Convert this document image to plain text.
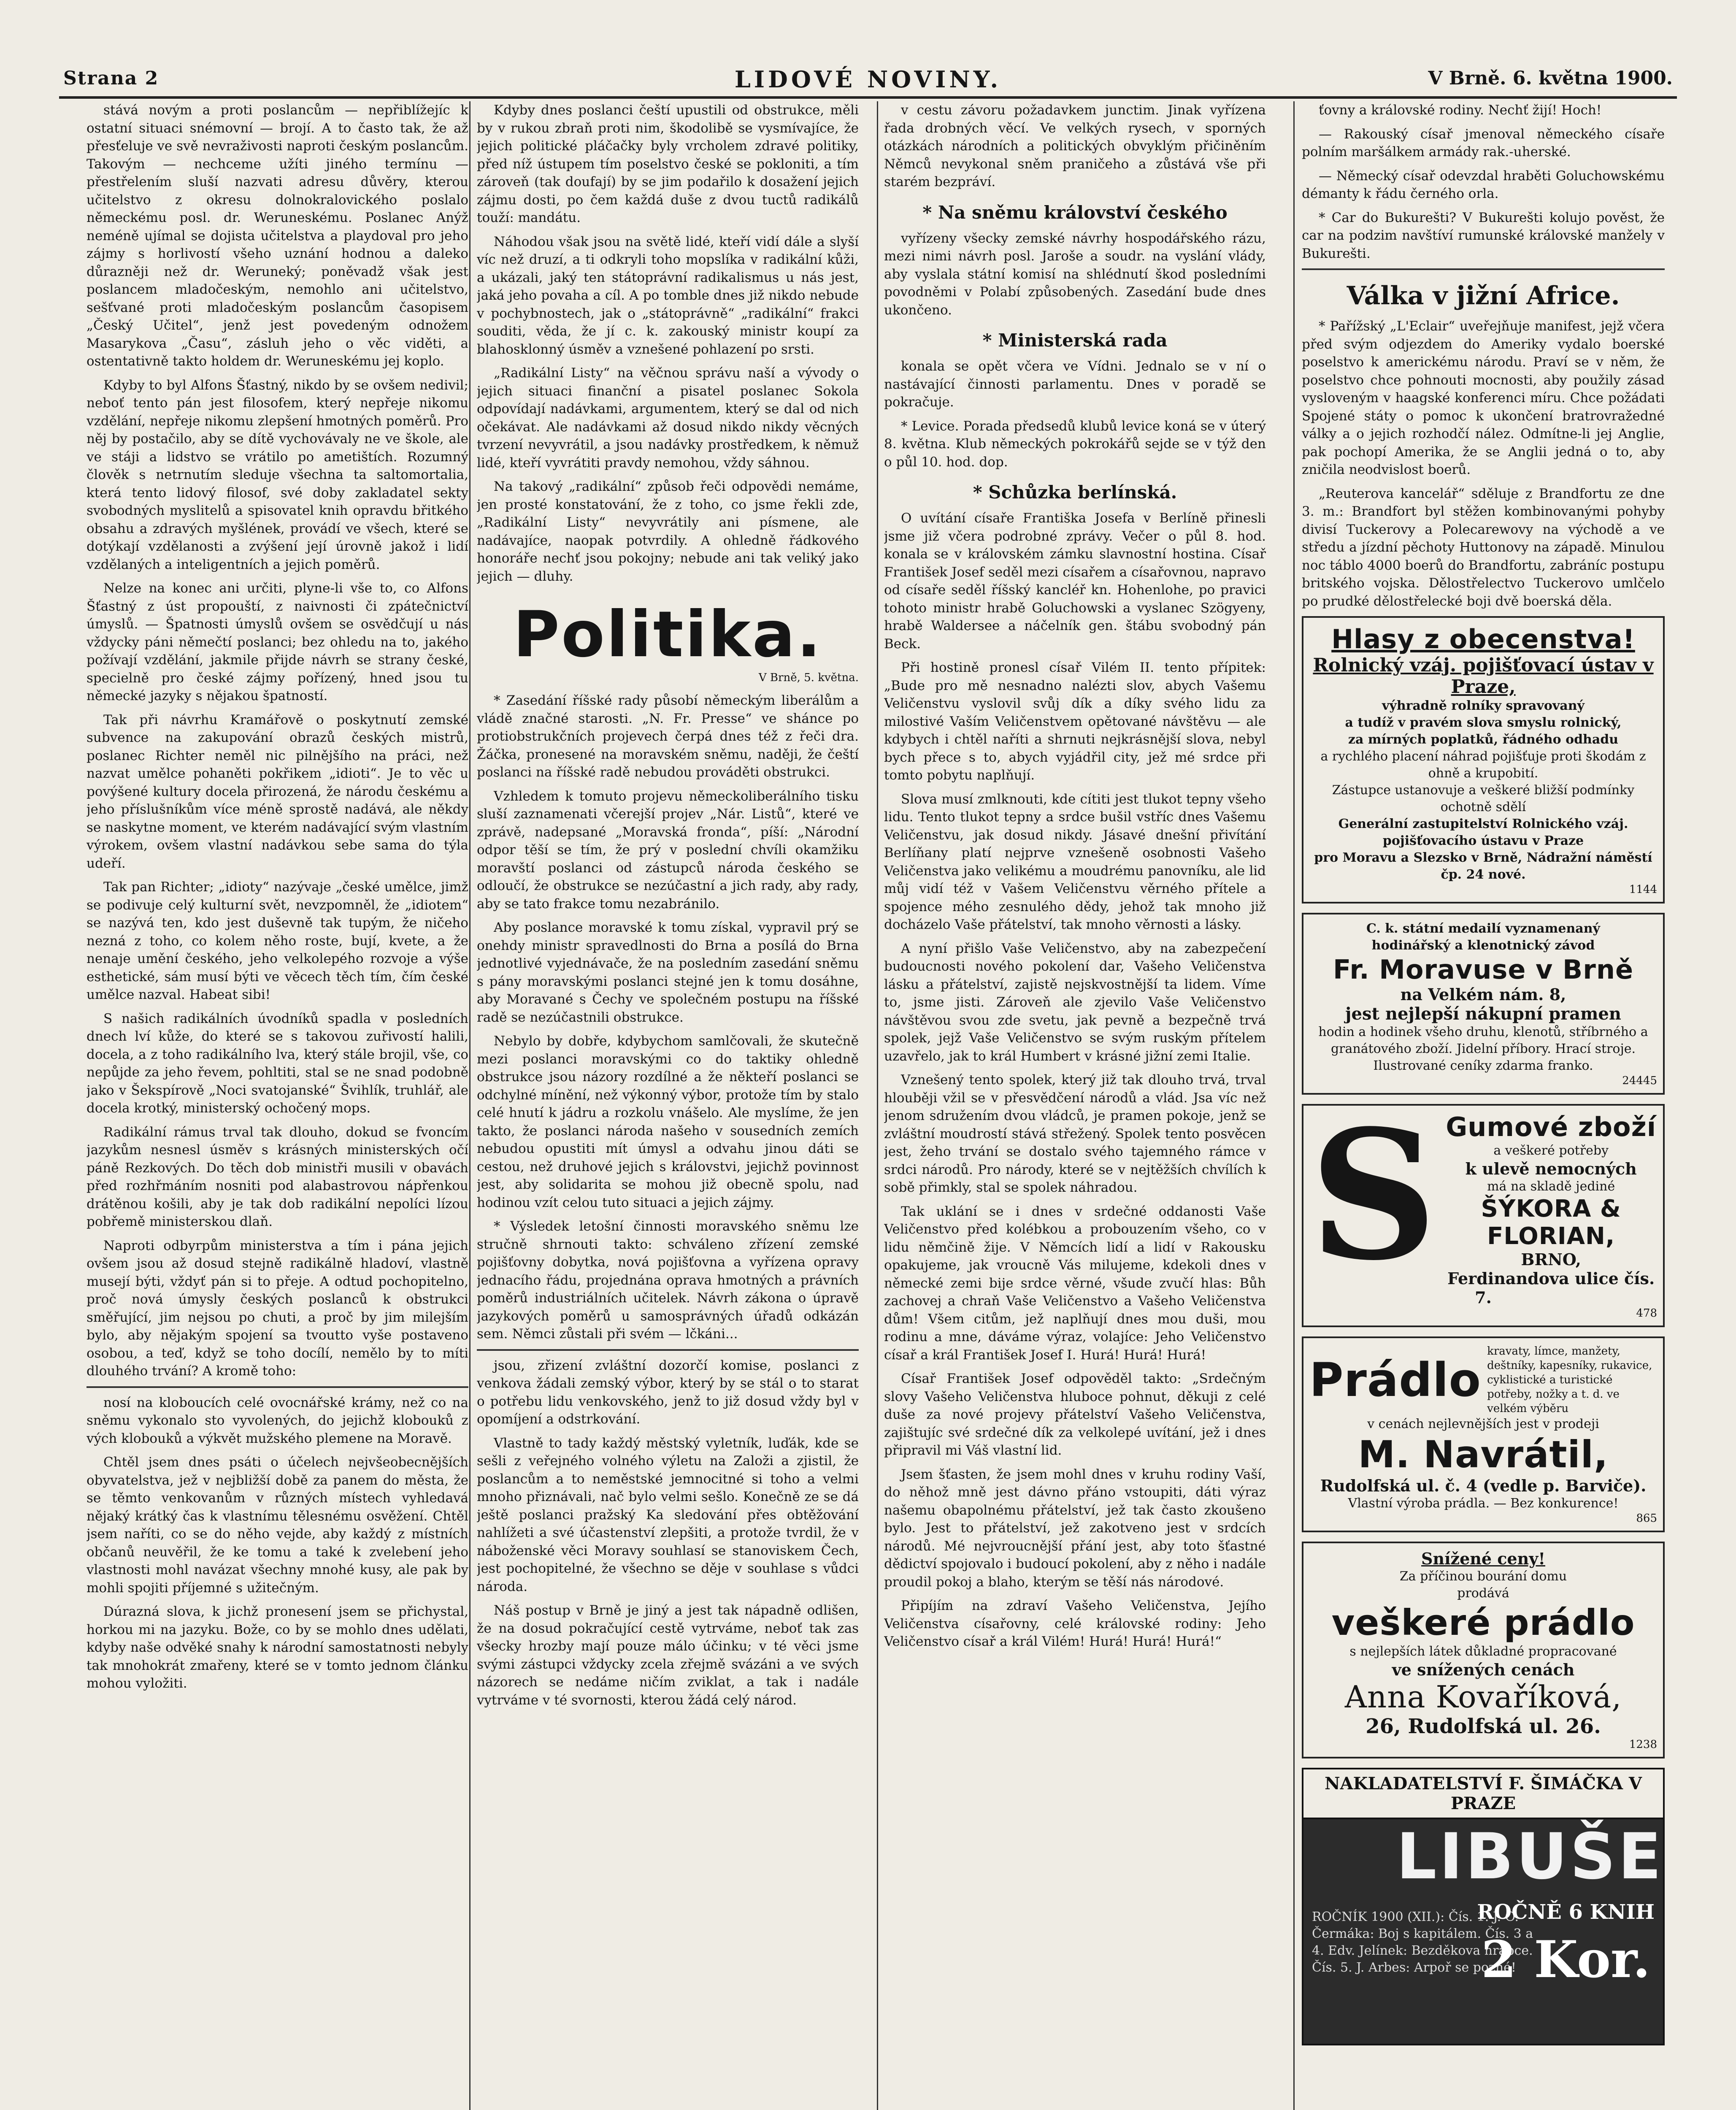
Strana 2	LIDOVÉ NOVINY.	V Brně. 6. května 1900.

stává novým a proti poslancům — nepřiblížejíc k ostatní situaci snémovní — brojí. A to často tak, že až přesťeluje ve svě nevraživosti naproti českým poslancům. Takovým — nechceme užíti jiného termínu — přestřelením sluší nazvati adresu důvěry, kterou učitelstvo z okresu dolnokralovického poslalo německému posl. dr. Weruneskému. Poslanec Anýž neméně ujímal se dojista učitelstva a playdoval pro jeho zájmy s horlivostí všeho uznání hodnou a daleko důrazněji než dr. Weruneký; poněvadž však jest poslancem mladočeským, nemohlo ani učitelstvo, sešťvané proti mladočeským poslancům časopisem „Český Učitel“, jenž jest povedeným odnožem Masarykova „Času“, zásluh jeho o věc viděti, a ostentativně takto holdem dr. Weruneskému jej koplo.

Kdyby to byl Alfons Šťastný, nikdo by se ovšem nedivil; neboť tento pán jest filosofem, který nepřeje nikomu vzdělání, nepřeje nikomu zlepšení hmotných poměrů. Pro něj by postačilo, aby se dítě vychovávaly ne ve škole, ale ve stáji a lidstvo se vrátilo po ametištích. Rozumný člověk s netrnutím sleduje všechna ta saltomortalia, která tento lidový filosof, své doby zakladatel sekty svobodných myslitelů a spisovatel knih opravdu břitkého obsahu a zdravých myšlének, provádí ve všech, které se dotýkají vzdělanosti a zvýšení její úrovně jakož i lidí vzdělaných a inteligentních a jejich poměrů.

Nelze na konec ani určiti, plyne-li vše to, co Alfons Šťastný z úst propouští, z naivnosti či zpátečnictví úmyslů. — Špatnosti úmyslů ovšem se osvědčují u nás vždycky páni němečtí poslanci; bez ohledu na to, jakého požívají vzdělání, jakmile přijde návrh se strany české, specielně pro české zájmy pořízený, hned jsou tu německé jazyky s nějakou špatností.

Tak při návrhu Kramářově o poskytnutí zemské subvence na zakupování obrazů českých mistrů, poslanec Richter neměl nic pilnějšího na práci, než nazvat umělce pohaněti pokřikem „idioti“. Je to věc u povýšené kultury docela přirozená, že národu českému a jeho příslušníkům více méně sprostě nadává, ale někdy se naskytne moment, ve kterém nadávající svým vlastním výrokem, ovšem vlastní nadávkou sebe sama do týla udeří.

Tak pan Richter; „idioty“ nazývaje „české umělce, jimž se podivuje celý kulturní svět, nevzpomněl, že „idiotem“ se nazývá ten, kdo jest duševně tak tupým, že ničeho nezná z toho, co kolem něho roste, bují, kvete, a že nenaje umění českého, jeho velkolepého rozvoje a výše esthetické, sám musí býti ve věcech těch tím, čím české umělce nazval. Habeat sibi!

S našich radikálních úvodníků spadla v posledních dnech lví kůže, do které se s takovou zuřivostí halili, docela, a z toho radikálního lva, který stále brojil, vše, co nepůjde za jeho řevem, pohltiti, stal se ne snad podobně jako v Šekspírově „Noci svatojanské“ Švihlík, truhlář, ale docela krotký, ministerský ochočený mops.

Radikální rámus trval tak dlouho, dokud se fvoncím jazykům nesnesl úsměv s krásných ministerských očí páně Rezkových. Do těch dob ministři musili v obavách před rozhřmáním nosniti pod alabastrovou nápřenkou drátěnou košili, aby je tak dob radikální nepolíci lízou pobřemě ministerskou dlaň.

Naproti odbyrpům ministerstva a tím i pána jejich ovšem jsou až dosud stejně radikálně hladoví, vlastně musejí býti, vždyť pán si to přeje. A odtud pochopitelno, proč nová úmysly českých poslanců k obstrukci směřující, jim nejsou po chuti, a proč by jim milejším bylo, aby nějakým spojení sa tvoutto vyše postaveno osobou, a teď, když se toho docílí, nemělo by to míti dlouhého trvání? A kromě toho:

nosí na klobou​cích celé ovocnářské krámy, než co na sněmu vykonalo sto vyvolených, do jejichž klobouků z vých klobouků a výkvět mužského plemene na Moravě.

Chtěl jsem dnes psáti o účelech nejvšeobecnějších obyvatelstva, jež v nejbližší době za panem do města, že se těmto venkovanům v různých místech vyhledavá nějaký krátký čas k vlastnímu tělesnému osvěžení. Chtěl jsem naříti, co se do něho vejde, aby každý z místních občanů neuvěřil, že ke tomu a také k zvelebení jeho vlastnosti mohl navázat všechny mnohé kusy, ale pak by mohli spojiti příjemné s užitečným.

Dúrazná slova, k jichž pronesení jsem se přichystal, horkou mi na jazyku. Bože, co by se mohlo dnes udělati, kdyby naše odvěké snahy k národní samostatnosti nebyly tak mnohokrát zmařeny, které se v tomto jednom článku mohou vyložiti.

Kdyby dnes poslanci čeští upustili od obstrukce, měli by v rukou zbraň proti nim, škodolibě se vysmívajíce, že jejich politické pláčačky byly vrcholem zdravé politiky, před níž ústupem tím poselstvo české se pokloniti, a tím zároveň (tak doufají) by se jim podařilo k dosažení jejich zájmu dosti, po čem každá duše z dvou tuctů radikálů touží: mandátu.

Náhodou však jsou na světě lidé, kteří vidí dále a slyší víc než druzí, a ti odkryli toho mopslíka v radikální kůži, a ukázali, jaký ten státoprávní radikalismus u nás jest, jaká jeho povaha a cíl. A po tomble dnes již nikdo nebude v pochybnostech, jak o „státoprávně“ „radikální“ frakci souditi, věda, že jí c. k. zakouský ministr koupí za blahosklonný úsměv a vznešené pohlazení po srsti.

„Radikální Listy“ na věčnou správu naší a vývody o jejich situaci finanční a pisatel poslanec Sokola odpovídají nadávkami, argumentem, který se dal od nich očekávat. Ale nadávkami až dosud nikdo nikdy věcných tvrzení nevyvrátil, a jsou nadávky prostředkem, k němuž lidé, kteří vyvrátiti pravdy nemohou, vždy sáhnou.

Na takový „radikální“ způsob řeči odpovědi nemáme, jen prosté konstatování, že z toho, co jsme řekli zde, „Radikální Listy“ nevyvrátily ani písmene, ale nadávajíce, naopak potvrdily. A ohledně řádkového honoráře nechť jsou pokojny; nebude ani tak veliký jako jejich — dluhy.

Politika.
V Brně, 5. května.

* Zasedání říšské rady působí německým liberálům a vládě značné starosti. „N. Fr. Presse“ ve shánce po protiobstrukčních projevech čerpá dnes též z řeči dra. Žáčka, pronesené na moravském sněmu, naději, že čeští poslanci na říšské radě nebudou prováděti obstrukci.

Vzhledem k tomuto projevu německoliberálního tisku sluší zaznamenati včerejší projev „Nár. Listů“, které ve zprávě, nadepsané „Moravská fronda“, píší: „Národní odpor těší se tím, že prý v poslední chvíli okamžiku moravští poslanci od zástupců národa českého se odloučí, že obstrukce se nezúčastní a jich rady, aby rady, aby se tato frakce tomu nezabránilo.

Aby poslance moravské k tomu získal, vypravil prý se onehdy ministr spravedlnosti do Brna a posílá do Brna jednotlivé vyjednávače, že na posledním zasedání sněmu s pány moravskými poslanci stejné jen k tomu dosáhne, aby Moravané s Čechy ve společném postupu na říšské radě se nezúčastnili obstrukce.

Nebylo by dobře, kdybychom samlčovali, že skutečně mezi poslanci moravskými co do taktiky ohledně obstrukce jsou názory rozdílné a že někteří poslanci se odchylné mínění, než výkonný výbor, protože tím by stalo celé hnutí k jádru a rozkolu vnášelo. Ale myslíme, že jen takto, že poslanci národa našeho v sousedních zemích nebudou opustiti mít úmysl a odvahu jinou dáti se cestou, než druhové jejich s královstvi, jejichž povinnost jest, aby solidarita se mohou již obecně spolu, nad hodinou vzít celou tuto situaci a jejich zájmy.

* Výsledek letošní činnosti moravského sněmu lze stručně shrnouti takto: schváleno zřízení zemské pojišťovny dobytka, nová pojišťovna a vyřízena opravy jednacího řádu, projednána oprava hmotných a právních poměrů industriálních učitelek. Návrh zákona o úpravě jazykových poměrů u samosprávných úřadů odkázán sem. Němci zůstali při svém — lčkáni...

jsou, zřizení zvláštní dozorčí komise, poslanci z venkova žádali zemský výbor, který by se stál o to starat o potřebu lidu venkovského, jenž to již dosud vždy byl v opomíjení a odstrkování.

Vlastně to tady každý městský vyletník, luďák, kde se sešli z veřejného volného výletu na Založi a zjistil, že poslancům a to neměstské jemnocitné si toho a velmi mnoho přiznávali, nač bylo velmi sešlo. Konečně ze se dá ještě poslanci pražský Ka sledování přes obtěžování nahlížeti a své účastenství zlepšiti, a protože tvrdil, že v náboženské věci Moravy souhlasí se stanoviskem Čech, jest pochopitelné, že všechno se děje v souhlase s vůdci národa.

Náš postup v Brně je jiný a jest tak nápadně odlišen, že na dosud pokračující cestě vytrváme, neboť tak zas všecky hrozby mají pouze málo účinku; v té věci jsme svými zástupci vždycky zcela zřejmě svázáni a ve svých názorech se nedáme ničím zviklat, a tak i nadále vytrváme v té svornosti, kterou žádá celý národ.

v cestu závoru požadavkem junctim. Jinak vyřízena řada drobných věcí. Ve velkých rysech, v sporných otázkách národních a politických obvyklým přičiněním Němců nevykonal sněm praničeho a zůstává vše při starém bezpráví.

* Na sněmu království českého

vyřízeny všecky zemské návrhy hospodářského rázu, mezi nimi návrh posl. Jaroše a soudr. na vyslání vlády, aby vyslala státní komisí na shlédnutí škod posledními povodněmi v Polabí způsobených. Zasedání bude dnes ukončeno.

* Ministerská rada

konala se opět včera ve Vídni. Jednalo se v ní o nastávající činnosti parlamentu. Dnes v poradě se pokračuje.

* Levice. Porada předsedů klubů levice koná se v úterý 8. května. Klub německých pokrokářů sejde se v týž den o půl 10. hod. dop.

* Schůzka berlínská.

O uvítání císaře Františka Josefa v Berlíně přinesli jsme již včera podrobné zprávy. Večer o půl 8. hod. konala se v královském zámku slavnostní hostina. Císař František Josef seděl mezi císařem a císařovnou, napravo od císaře seděl říšský kancléř kn. Hohenlohe, po pravici tohoto ministr hrabě Goluchowski a vyslanec Szögyeny, hrabě Waldersee a náčelník gen. štábu svobodný pán Beck.

Při hostině pronesl císař Vilém II. tento přípitek: „Bude pro mě nesnadno nalézti slov, abych Vašemu Veličenstvu vyslovil svůj dík a díky svého lidu za milostivé Vaším Veličenstvem opětované návštěvu — ale kdybych i chtěl naříti a shrnuti nejkrásnější slova, nebyl bych přece s to, abych vyjádřil city, jež mé srdce při tomto pobytu naplňují.

Slova musí zmlknouti, kde cítiti jest tlukot tepny všeho lidu. Tento tlukot tepny a srdce bušil vstříc dnes Vašemu Veličenstvu, jak dosud nikdy. Jásavé dnešní přivítání Berlíňany platí nejprve vznešeně osobnosti Vašeho Veličenstva jako velikému a moudrému panovníku, ale lid můj vidí též v Vašem Veličenstvu věrného přítele a spojence mého zesnulého dědy, jehož tak mnoho již docházelo Vaše přátelství, tak mnoho věrnosti a lásky.

A nyní přišlo Vaše Veličenstvo, aby na zabezpečení budoucnosti nového pokolení dar, Vašeho Veličenstva lásku a přátelství, zajistě nejskvostnější ta lidem. Víme to, jsme jisti. Zároveň ale zjevilo Vaše Veličenstvo návštěvou svou zde svetu, jak pevně a bezpečně trvá spolek, jejž Vaše Veličenstvo se svým ruským přítelem uzavřelo, jak to král Humbert v krásné jižní zemi Italie.

Vznešený tento spolek, který již tak dlouho trvá, trval hlouběji vžil se v přesvědčení národů a vlád. Jsa víc než jenom sdružením dvou vládců, je pramen pokoje, jenž se zvláštní moudrostí stává střežený. Spolek tento posvěcen jest, žeho trvání se dostalo svého tajemného rámce v srdci národů. Pro národy, které se v nejtěžších chvílích k sobě přimkly, stal se spolek náhradou.

Tak uklání se i dnes v srdečné oddanosti Vaše Veličenstvo před kolébkou a probouzením všeho, co v lidu němčině žije. V Němcích lidí a lidí v Rakousku opakujeme, jak vroucně Vás milujeme, kdekoli dnes v německé zemi bije srdce věrné, všude zvučí hlas: Bůh zachovej a chraň Vaše Veličenstvo a Vašeho Veličenstva dům! Všem citům, jež naplňují dnes mou duši, mou rodinu a mne, dáváme výraz, volajíce: Jeho Veličenstvo císař a král František Josef I. Hurá! Hurá! Hurá!

Císař František Josef odpověděl takto: „Srdečným slovy Vašeho Veličenstva hluboce pohnut, děkuji z celé duše za nové projevy přátelství Vašeho Veličenstva, zajištujíc své srdečné dík za velkolepé uvítání, jež i dnes připravil mi Váš vlastní lid.

Jsem šťasten, že jsem mohl dnes v kruhu rodiny Vaší, do něhož mně jest dávno přáno vstoupiti, dáti výraz našemu obapolnému přátelství, jež tak často zkoušeno bylo. Jest to přátelství, jež zakotveno jest v srdcích národů. Mé nejvroucnější přání jest, aby toto šťastné dědictví spojovalo i budoucí pokolení, aby z něho i nadále proudil pokoj a blaho, kterým se těší nás národové.

Připíjím na zdraví Vašeho Veličenstva, Jejího Veličenstva císařovny, celé královské rodiny: Jeho Veličenstvo císař a král Vilém! Hurá! Hurá! Hurá!“

ťovny a královské rodiny. Nechť žijí! Hoch!

— Rakouský císař jmenoval německého císaře polním maršálkem armády rak.-uherské.

— Německý císař odevzdal hraběti Goluchowskému démanty k řádu černého orla.

* Car do Bukurešti? V Bukurešti kolujo pověst, že car na podzim navštíví rumunské královské manžely v Bukurešti.

Válka v jižní Africe.

* Pařížský „L'Eclair“ uveřejňuje manifest, jejž včera před svým odjezdem do Ameriky vydalo boerské poselstvo k americkému národu. Praví se v něm, že poselstvo chce pohnouti mocnosti, aby použily zásad vysloveným v haagské konferenci míru. Chce požádati Spojené státy o pomoc k ukončení bratrovražedné války a o jejich rozhodčí nález. Odmítne-li jej Anglie, pak pochopí Amerika, že se Anglii jedná o to, aby zničila neodvislost boerů.

„Reuterova kancelář“ sděluje z Brandfortu ze dne 3. m.: Brandfort byl stěžen kombinovanými pohyby divisí Tuckerovy a Polecarewovy na východě a ve středu a jízdní pěchoty Huttonovy na západě. Minulou noc táblo 4000 boerů do Brandfortu, zabráníc postupu britského vojska. Dělostřelectvo Tuckerovo umlčelo po prudké dělostřelecké boji dvě boerská děla.

Hlasy z obecenstva!
Rolnický vzáj. pojišťovací ústav v Praze,
výhradně rolníky spravovaný
a tudíž v pravém slova smyslu rolnický,
za mírných poplatků, řádného odhadu
a rychlého placení náhrad pojišťuje proti škodám z ohně a krupobití.
Zástupce ustanovuje a veškeré bližší podmínky ochotně sdělí
Generální zastupitelství Rolnického vzáj. pojišťovacího ústavu v Praze
pro Moravu a Slezsko v Brně, Nádražní náměstí čp. 24 nové.
1144
C. k. státní medailí vyznamenaný
hodinářský a klenotnický závod
Fr. Moravuse v Brně
na Velkém nám. 8,
jest nejlepší nákupní pramen
hodin a hodinek všeho druhu, klenotů, stříbrného a granátového zboží. Jidelní příbory. Hrací stroje. Ilustrované ceníky zdarma franko.
24445
S Gumové zboží
a veškeré potřeby
k ulevě nemocných
má na skladě jediné
ŠÝKORA & FLORIAN,
BRNO,
Ferdinandova ulice čís. 7.
478
Prádlo
kravaty, límce, manžety, deštníky, kapesníky, rukavice, cyklistické a turistické potřeby, nožky a t. d. ve velkém výběru
v cenách nejlevnějších jest v prodeji
M. Navrátil,
Rudolfská ul. č. 4 (vedle p. Barviče).
Vlastní výroba prádla. — Bez konkurence!
865
Snížené ceny!
Za příčinou bourání domu
prodává
veškeré prádlo
s nejlepších látek důkladné propracované
ve snížených cenách
Anna Kovaříková,
26, Rudolfská ul. 26.
1238
NAKLADATELSTVÍ F. ŠIMÁČKA V PRAZE
LIBUŠE
ROČNÍK 1900 (XII.): Čís. 1. J. O. Čermáka: Boj s kapitálem. Čís. 3 a 4. Edv. Jelínek: Bezděkova hrabce. Čís. 5. J. Arbes: Arpoř se pozné!
ROČNĚ 6 KNIH
2 Kor.
